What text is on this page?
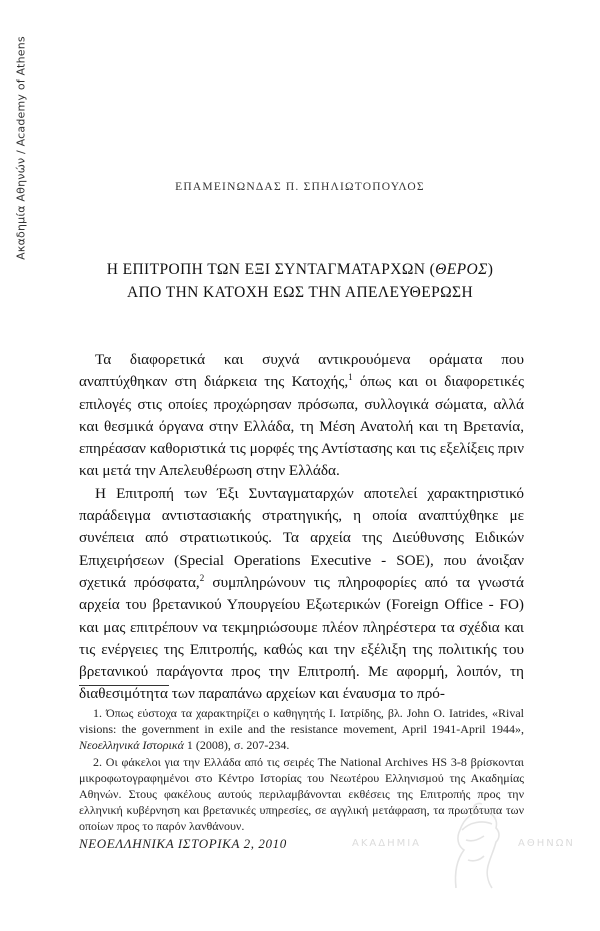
Ακαδημία Αθηνών / Academy of Athens	ΕΠΑΜΕΙΝΩΝΔΑΣ Π. ΣΠΗΛΙΩΤΟΠΟΥΛΟΣ
Η ΕΠΙΤΡΟΠΗ ΤΩΝ ΕΞΙ ΣΥΝΤΑΓΜΑΤΑΡΧΩΝ (ΘΕΡΟΣ)
ΑΠΟ ΤΗΝ ΚΑΤΟΧΗ ΕΩΣ ΤΗΝ ΑΠΕΛΕΥΘΕΡΩΣΗ

Τα διαφορετικά και συχνά αντικρουόμενα οράματα που αναπτύχθηκαν στη διάρκεια της Κατοχής,$^1$ όπως και οι διαφορετικές επιλογές στις οποίες προχώρησαν πρόσωπα, συλλογικά σώματα, αλλά και θεσμικά όργανα στην Ελλάδα, τη Μέση Ανατολή και τη Βρετανία, επηρέασαν καθοριστικά τις μορφές της Αντίστασης και τις εξελίξεις πριν και μετά την Απελευθέρωση στην Ελλάδα.

Η Επιτροπή των Έξι Συνταγματαρχών αποτελεί χαρακτηριστικό παράδειγμα αντιστασιακής στρατηγικής, η οποία αναπτύχθηκε με συνέπεια από στρατιωτικούς. Τα αρχεία της Διεύθυνσης Ειδικών Επιχειρήσεων (Special Operations Executive - SOE), που άνοιξαν σχετικά πρόσφατα,$^2$ συμπληρώνουν τις πληροφορίες από τα γνωστά αρχεία του βρετανικού Υπουργείου Εξωτερικών (Foreign Office - FO) και μας επιτρέπουν να τεκμηριώσουμε πλέον πληρέστερα τα σχέδια και τις ενέργειες της Επιτροπής, καθώς και την εξέλιξη της πολιτικής του βρετανικού παράγοντα προς την Επιτροπή. Με αφορμή, λοιπόν, τη διαθεσιμότητα των παραπάνω αρχείων και έναυσμα το πρό-

1. Όπως εύστοχα τα χαρακτηρίζει ο καθηγητής Ι. Ιατρίδης, βλ. John O. Iatrides, «Rival visions: the government in exile and the resistance movement, April 1941-April 1944», Νεοελληνικά Ιστορικά 1 (2008), σ. 207-234.

2. Οι φάκελοι για την Ελλάδα από τις σειρές The National Archives HS 3-8 βρίσκονται μικροφωτογραφημένοι στο Κέντρο Ιστορίας του Νεωτέρου Ελληνισμού της Ακαδημίας Αθηνών. Στους φακέλους αυτούς περιλαμβάνονται εκθέσεις της Επιτροπής προς την ελληνική κυβέρνηση και βρετανικές υπηρεσίες, σε αγγλική μετάφραση, τα πρωτότυπα των οποίων προς το παρόν λανθάνουν.

ΝΕΟΕΛΛΗΝΙΚΑ ΙΣΤΟΡΙΚΑ 2, 2010	ΑΚΑΔΗΜΙΑ	ΑΘΗΝΩΝ
